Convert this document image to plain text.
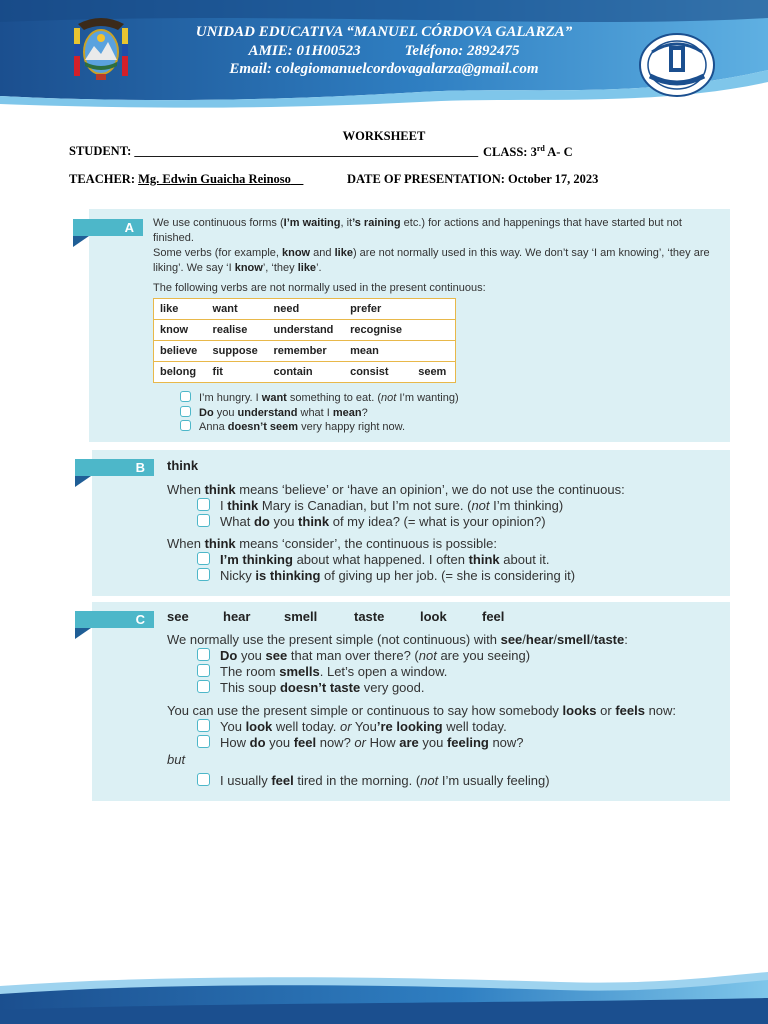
UNIDAD EDUCATIVA “MANUEL CÓRDOVA GALARZA”
AMIE: 01H00523	Teléfono: 2892475
Email: colegiomanuelcordovagalarza@gmail.com
WORKSHEET
STUDENT: _______________________________________________________ CLASS: 3rd A- C
TEACHER: Mg. Edwin Guaicha Reinoso	DATE OF PRESENTATION: October 17, 2023
A	We use continuous forms (I’m waiting, it’s raining etc.) for actions and happenings that have started but not finished.
Some verbs (for example, know and like) are not normally used in this way. We don’t say ‘I am knowing’, ‘they are liking’. We say ‘I know’, ‘they like’.
The following verbs are not normally used in the present continuous:
like	want	need	prefer	
know	realise	understand	recognise	
believe	suppose	remember	mean	
belong	fit	contain	consist	seem
I’m hungry. I want something to eat. (not I’m wanting)
Do you understand what I mean?
Anna doesn’t seem very happy right now.
B	think
When think means ‘believe’ or ‘have an opinion’, we do not use the continuous:
I think Mary is Canadian, but I’m not sure. (not I’m thinking)
What do you think of my idea? (= what is your opinion?)
When think means ‘consider’, the continuous is possible:
I’m thinking about what happened. I often think about it.
Nicky is thinking of giving up her job. (= she is considering it)
C	see	hear	smell	taste	look	feel
We normally use the present simple (not continuous) with see/hear/smell/taste:
Do you see that man over there? (not are you seeing)
The room smells. Let’s open a window.
This soup doesn’t taste very good.
You can use the present simple or continuous to say how somebody looks or feels now:
You look well today. or You’re looking well today.
How do you feel now? or How are you feeling now?
but
I usually feel tired in the morning. (not I’m usually feeling)
